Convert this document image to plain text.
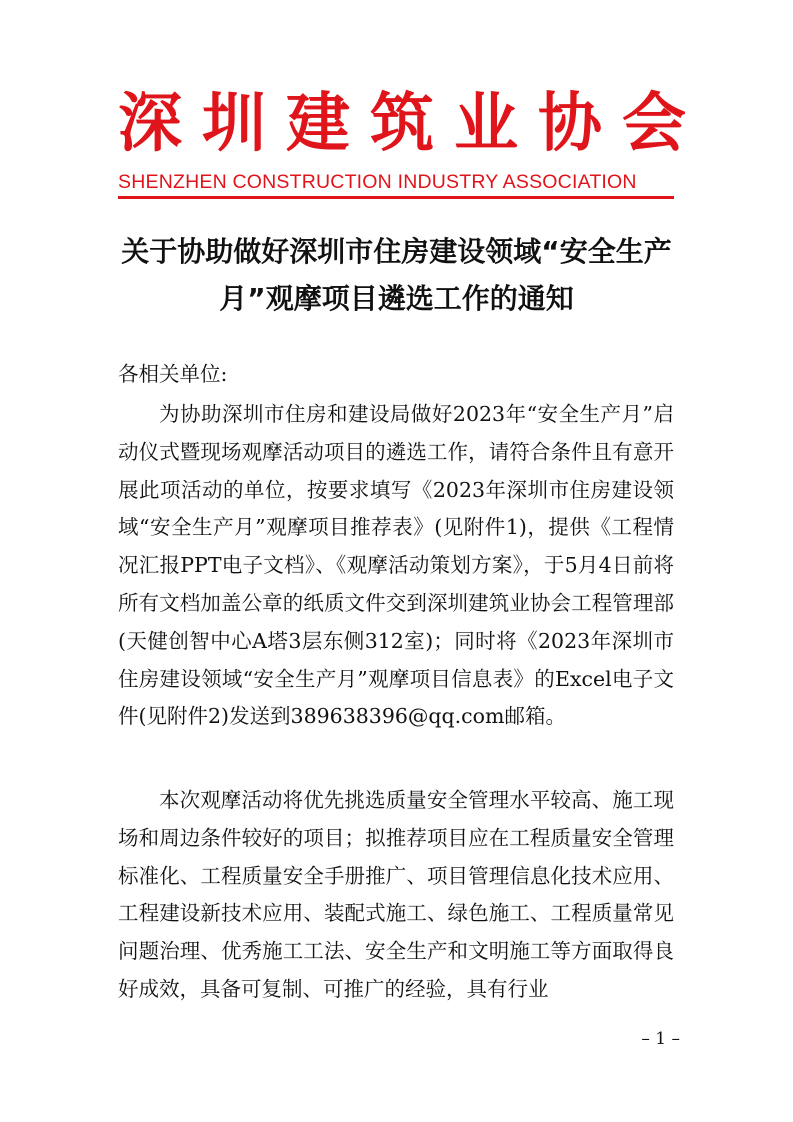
深圳建筑业协会
SHENZHEN CONSTRUCTION INDUSTRY ASSOCIATION
关于协助做好深圳市住房建设领域“安全生产月”观摩项目遴选工作的通知
各相关单位:
为协助深圳市住房和建设局做好2023年“安全生产月”启动仪式暨现场观摩活动项目的遴选工作，请符合条件且有意开展此项活动的单位，按要求填写《2023年深圳市住房建设领域“安全生产月”观摩项目推荐表》(见附件1)，提供《工程情况汇报PPT电子文档》、《观摩活动策划方案》，于5月4日前将所有文档加盖公章的纸质文件交到深圳建筑业协会工程管理部(天健创智中心A塔3层东侧312室)；同时将《2023年深圳市住房建设领域“安全生产月”观摩项目信息表》的Excel电子文件(见附件2)发送到389638396@qq.com邮箱。
本次观摩活动将优先挑选质量安全管理水平较高、施工现场和周边条件较好的项目；拟推荐项目应在工程质量安全管理标准化、工程质量安全手册推广、项目管理信息化技术应用、工程建设新技术应用、装配式施工、绿色施工、工程质量常见问题治理、优秀施工工法、安全生产和文明施工等方面取得良好成效，具备可复制、可推广的经验，具有行业
– 1 –
